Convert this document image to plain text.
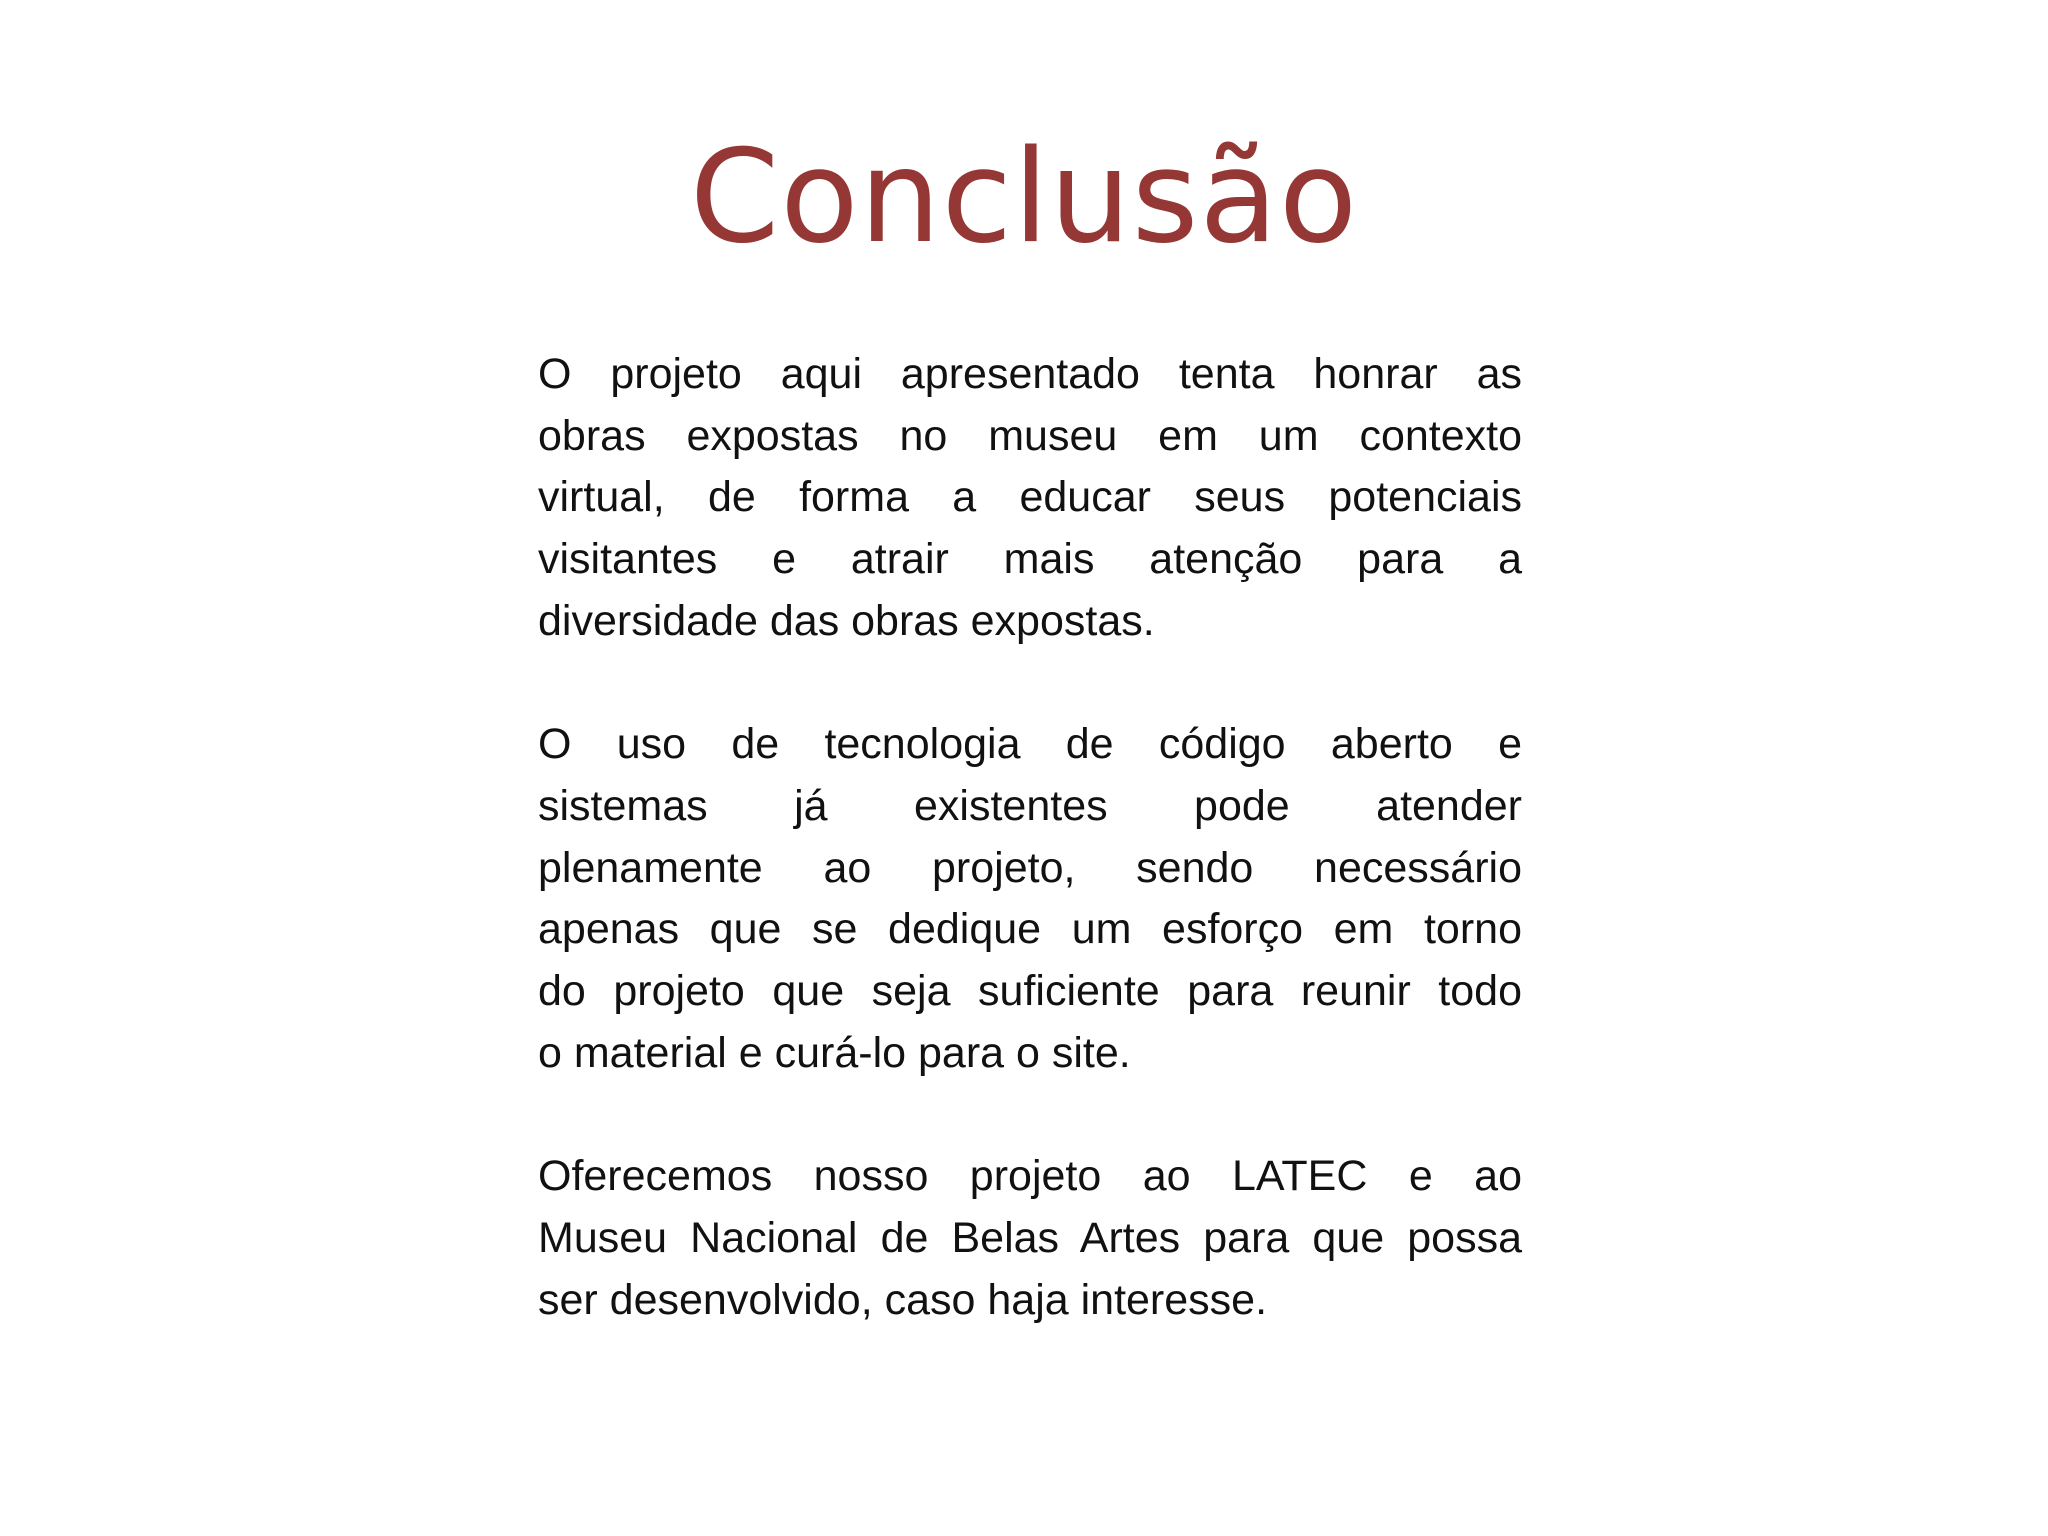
Conclusão

O projeto aqui apresentado tenta honrar as
obras expostas no museu em um contexto
virtual, de forma a educar seus potenciais
visitantes e atrair mais atenção para a
diversidade das obras expostas.

O uso de tecnologia de código aberto e
sistemas já existentes pode atender
plenamente ao projeto, sendo necessário
apenas que se dedique um esforço em torno
do projeto que seja suficiente para reunir todo
o material e curá-lo para o site.

Oferecemos nosso projeto ao LATEC e ao
Museu Nacional de Belas Artes para que possa
ser desenvolvido, caso haja interesse.
